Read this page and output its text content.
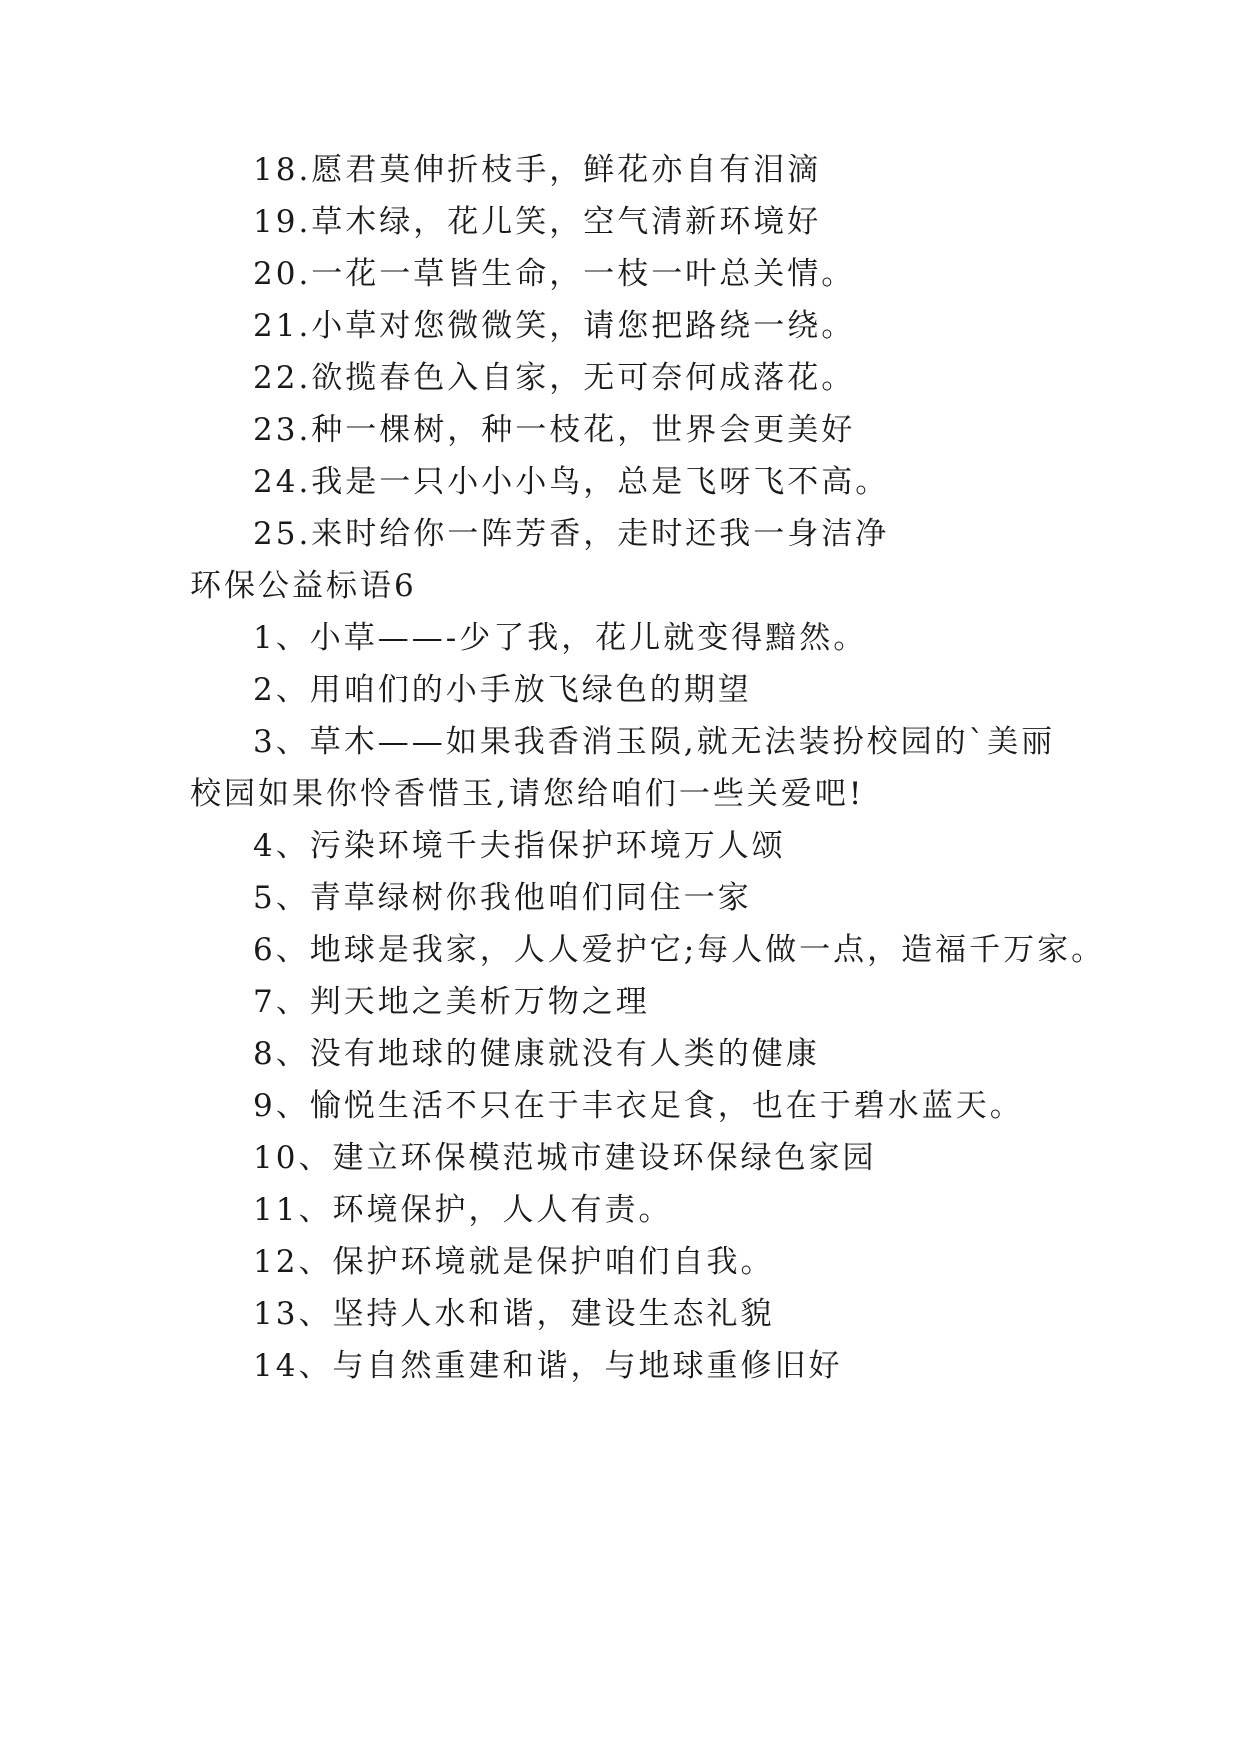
18.愿君莫伸折枝手，鲜花亦自有泪滴
19.草木绿，花儿笑，空气清新环境好
20.一花一草皆生命，一枝一叶总关情。
21.小草对您微微笑，请您把路绕一绕。
22.欲揽春色入自家，无可奈何成落花。
23.种一棵树，种一枝花，世界会更美好
24.我是一只小小小鸟，总是飞呀飞不高。
25.来时给你一阵芳香，走时还我一身洁净
环保公益标语6
1、小草——-少了我，花儿就变得黯然。
2、用咱们的小手放飞绿色的期望
3、草木——如果我香消玉陨,就无法装扮校园的`美丽
校园如果你怜香惜玉,请您给咱们一些关爱吧!
4、污染环境千夫指保护环境万人颂
5、青草绿树你我他咱们同住一家
6、地球是我家，人人爱护它;每人做一点，造福千万家。
7、判天地之美析万物之理
8、没有地球的健康就没有人类的健康
9、愉悦生活不只在于丰衣足食，也在于碧水蓝天。
10、建立环保模范城市建设环保绿色家园
11、环境保护，人人有责。
12、保护环境就是保护咱们自我。
13、坚持人水和谐，建设生态礼貌
14、与自然重建和谐，与地球重修旧好
